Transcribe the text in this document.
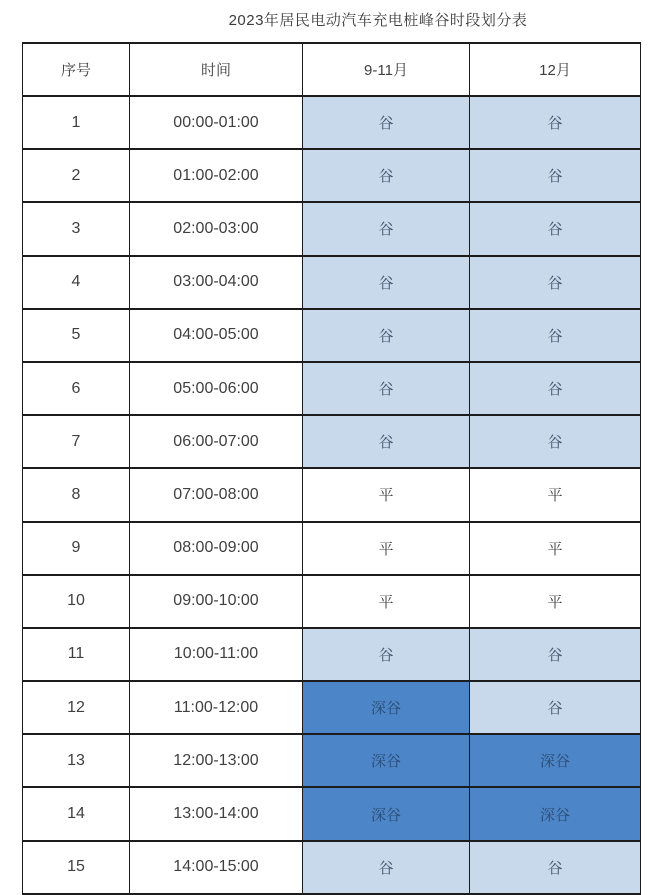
2023年居民电动汽车充电桩峰谷时段划分表
序号	时间	9-11月	12月
1	00:00-01:00	谷	谷
2	01:00-02:00	谷	谷
3	02:00-03:00	谷	谷
4	03:00-04:00	谷	谷
5	04:00-05:00	谷	谷
6	05:00-06:00	谷	谷
7	06:00-07:00	谷	谷
8	07:00-08:00	平	平
9	08:00-09:00	平	平
10	09:00-10:00	平	平
11	10:00-11:00	谷	谷
12	11:00-12:00	深谷	谷
13	12:00-13:00	深谷	深谷
14	13:00-14:00	深谷	深谷
15	14:00-15:00	谷	谷
